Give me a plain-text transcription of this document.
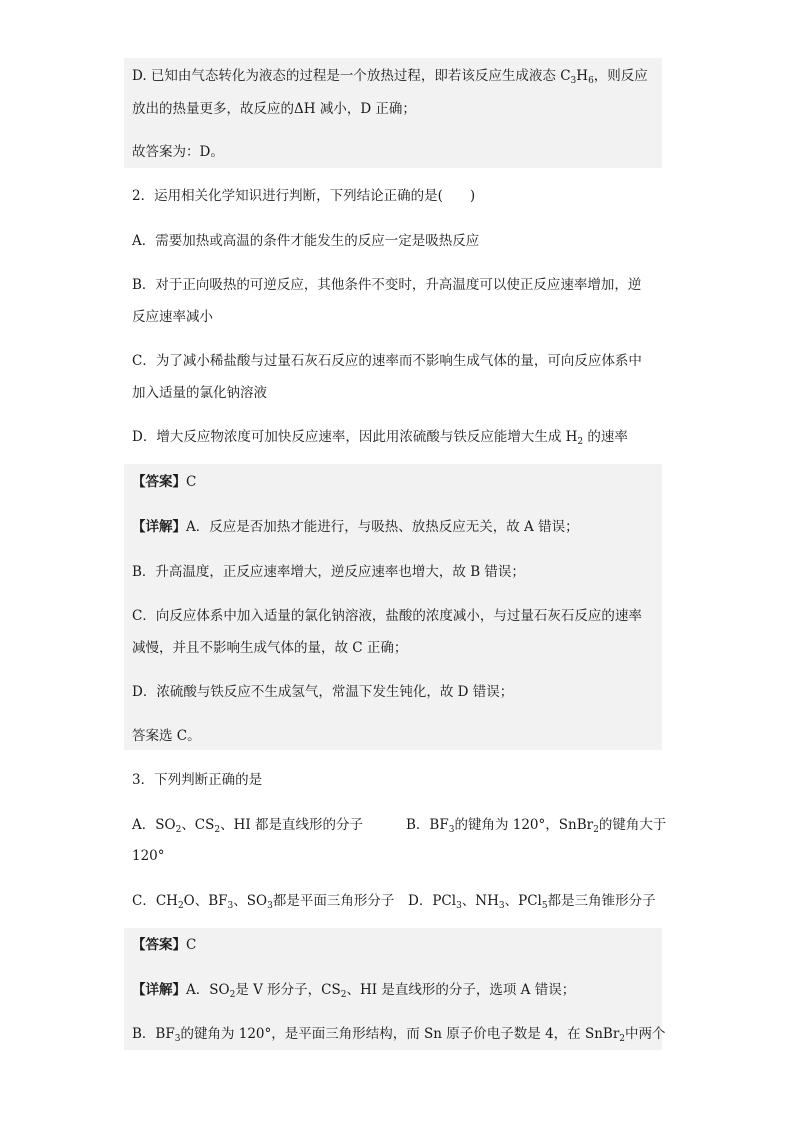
D. 已知由气态转化为液态的过程是一个放热过程，即若该反应生成液态 $C_3H_6$，则反应
放出的热量更多，故反应的ΔH 减小，D 正确；
故答案为：D。
2．运用相关化学知识进行判断，下列结论正确的是(　　)
A．需要加热或高温的条件才能发生的反应一定是吸热反应
B．对于正向吸热的可逆反应，其他条件不变时，升高温度可以使正反应速率增加，逆
反应速率减小
C．为了减小稀盐酸与过量石灰石反应的速率而不影响生成气体的量，可向反应体系中
加入适量的氯化钠溶液
D．增大反应物浓度可加快反应速率，因此用浓硫酸与铁反应能增大生成 $H_2$ 的速率
【答案】C
【详解】A．反应是否加热才能进行，与吸热、放热反应无关，故 A 错误；
B．升高温度，正反应速率增大，逆反应速率也增大，故 B 错误；
C．向反应体系中加入适量的氯化钠溶液，盐酸的浓度减小，与过量石灰石反应的速率
减慢，并且不影响生成气体的量，故 C 正确；
D．浓硫酸与铁反应不生成氢气，常温下发生钝化，故 D 错误；
答案选 C。
3．下列判断正确的是
A．$SO_2$、$CS_2$、HI 都是直线形的分子	B．$BF_3$的键角为 120°，SnBr$_2$的键角大于
120°
C．$CH_2O$、$BF_3$、$SO_3$都是平面三角形分子	D．PCl$_3$、$NH_3$、PCl$_5$都是三角锥形分子
【答案】C
【详解】A．$SO_2$是 V 形分子，$CS_2$、HI 是直线形的分子，选项 A 错误；
B．$BF_3$的键角为 120°，是平面三角形结构，而 Sn 原子价电子数是 4，在 SnBr$_2$中两个
